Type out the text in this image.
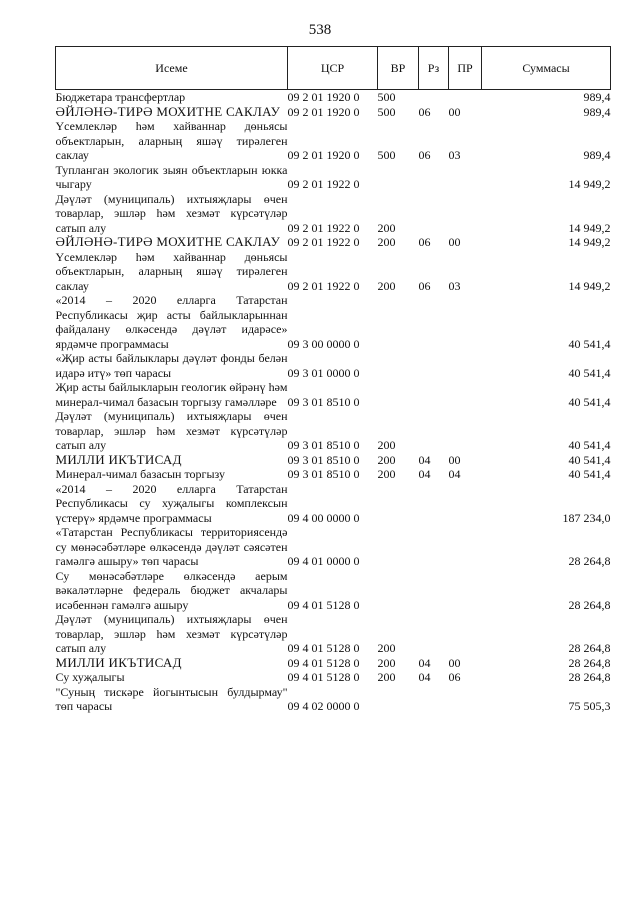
538
Исеме	ЦСР	ВР	Рз	ПР	Суммасы
Бюджетара трансфертлар	09 2 01 1920 0	500			989,4
ӘЙЛӘНӘ-ТИРӘ МОХИТНЕ САКЛАУ	09 2 01 1920 0	500	06	00	989,4
Үсемлекләр һәм хайваннар дөньясы объектларын, аларның яшәү тирәлеген саклау	09 2 01 1920 0	500	06	03	989,4
Тупланган экологик зыян объектларын юкка чыгару	09 2 01 1922 0				14 949,2
Дәүләт (муниципаль) ихтыяҗлары өчен товарлар, эшләр һәм хезмәт күрсәтүләр сатып алу	09 2 01 1922 0	200			14 949,2
ӘЙЛӘНӘ-ТИРӘ МОХИТНЕ САКЛАУ	09 2 01 1922 0	200	06	00	14 949,2
Үсемлекләр һәм хайваннар дөньясы объектларын, аларның яшәү тирәлеген саклау	09 2 01 1922 0	200	06	03	14 949,2
«2014 – 2020 елларга Татарстан Республикасы җир асты байлыкларыннан файдалану өлкәсендә дәүләт идарәсе» ярдәмче программасы	09 3 00 0000 0				40 541,4
«Җир асты байлыклары дәүләт фонды белән идарә итү» төп чарасы	09 3 01 0000 0				40 541,4
Җир асты байлыкларын геологик өйрәнү һәм минерал-чимал базасын торгызу гамәлләре	09 3 01 8510 0				40 541,4
Дәүләт (муниципаль) ихтыяҗлары өчен товарлар, эшләр һәм хезмәт күрсәтүләр сатып алу	09 3 01 8510 0	200			40 541,4
МИЛЛИ ИКЪТИСАД	09 3 01 8510 0	200	04	00	40 541,4
Минерал-чимал базасын торгызу	09 3 01 8510 0	200	04	04	40 541,4
«2014 – 2020 елларга Татарстан Республикасы су хуҗалыгы комплексын үстерү» ярдәмче программасы	09 4 00 0000 0				187 234,0
«Татарстан Республикасы территориясендә су мөнәсәбәтләре өлкәсендә дәүләт сәясәтен гамәлгә ашыру» төп чарасы	09 4 01 0000 0				28 264,8
Су мөнәсәбәтләре өлкәсендә аерым вәкаләтләрне федераль бюджет акчалары исәбеннән гамәлгә ашыру	09 4 01 5128 0				28 264,8
Дәүләт (муниципаль) ихтыяҗлары өчен товарлар, эшләр һәм хезмәт күрсәтүләр сатып алу	09 4 01 5128 0	200			28 264,8
МИЛЛИ ИКЪТИСАД	09 4 01 5128 0	200	04	00	28 264,8
Су хуҗалыгы	09 4 01 5128 0	200	04	06	28 264,8
"Суның тискәре йогынтысын булдырмау" төп чарасы	09 4 02 0000 0				75 505,3
